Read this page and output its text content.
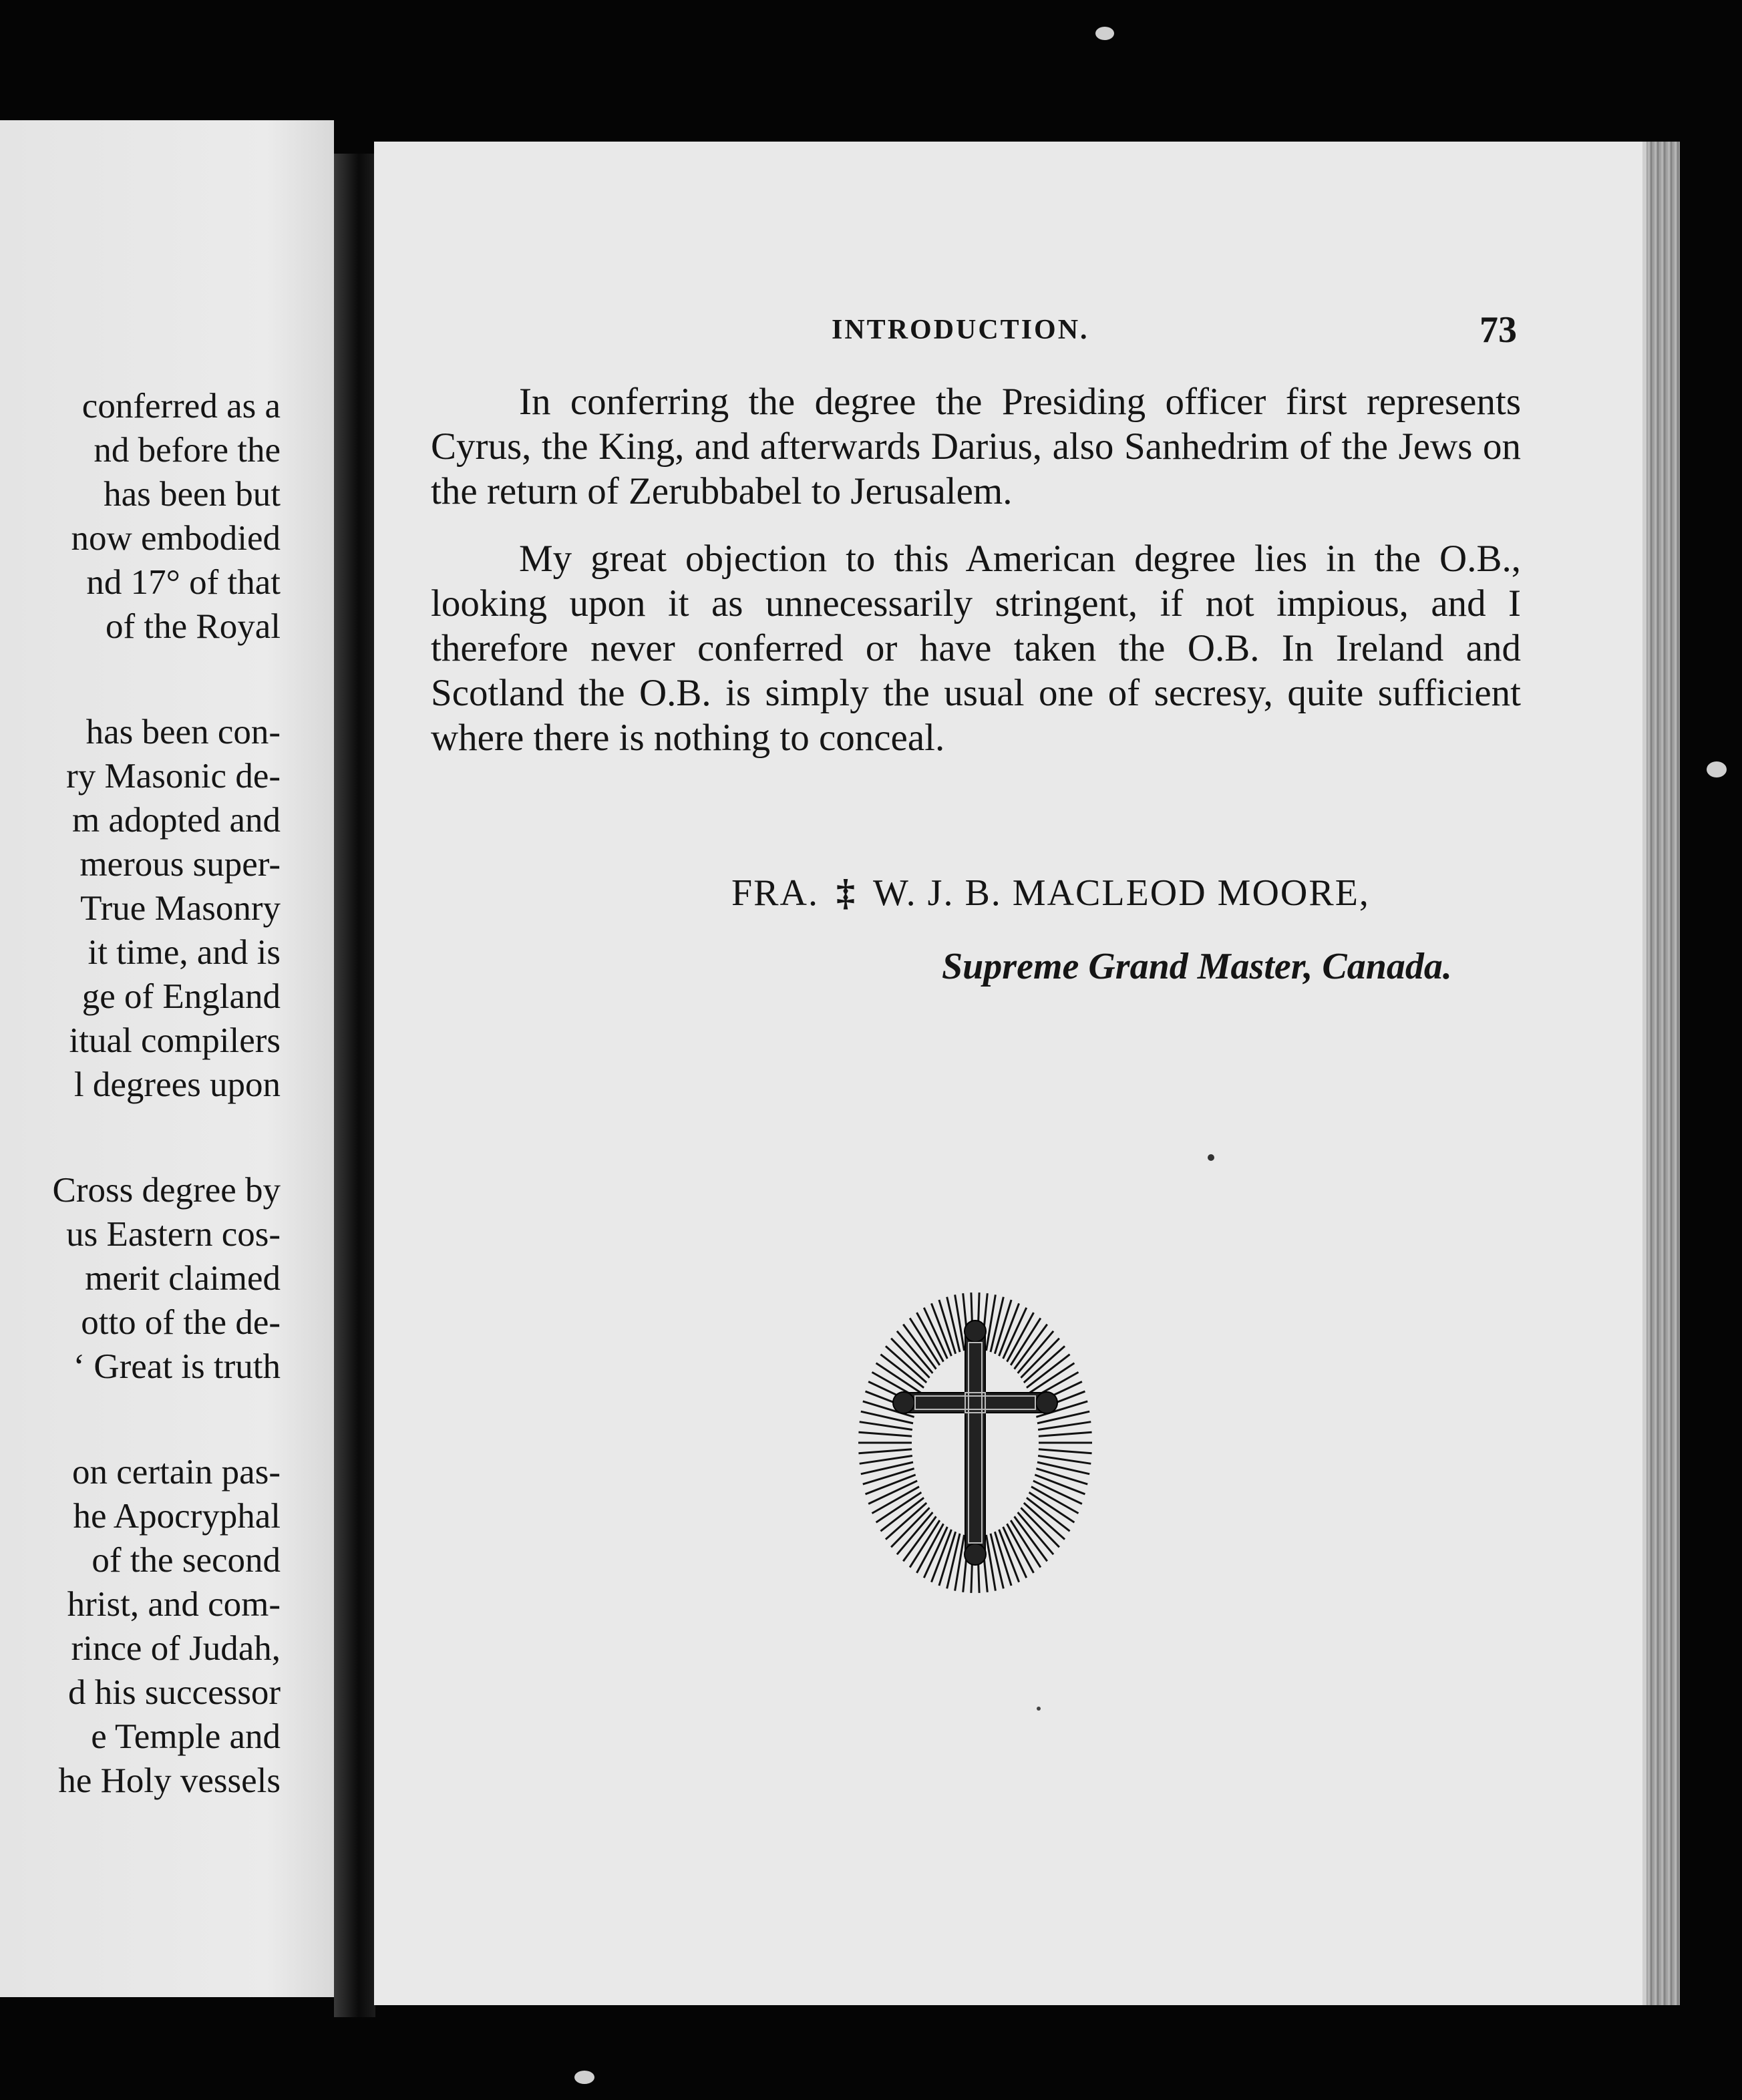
conferred as a
nd before the
has been but
now embodied
nd 17° of that
of the Royal
has been con-
ry Masonic de-
m adopted and
merous super-
True Masonry
it time, and is
ge of England
itual compilers
l degrees upon
Cross degree by
us Eastern cos-
merit claimed
otto of the de-
‘ Great is truth
on certain pas-
he Apocryphal
of the second
hrist, and com-
rince of Judah,
d his successor
e Temple and
he Holy vessels
INTRODUCTION.	73

In conferring the degree the Presiding officer first represents Cyrus, the King, and afterwards Darius, also Sanhedrim of the Jews on the return of Zerubbabel to Jerusalem.

My great objection to this American degree lies in the O.B., looking upon it as unnecessarily stringent, if not impious, and I therefore never conferred or have taken the O.B. In Ireland and Scotland the O.B. is simply the usual one of secresy, quite sufficient where there is nothing to conceal.

FRA. ‡ W. J. B. MACLEOD MOORE,
Supreme Grand Master, Canada.
